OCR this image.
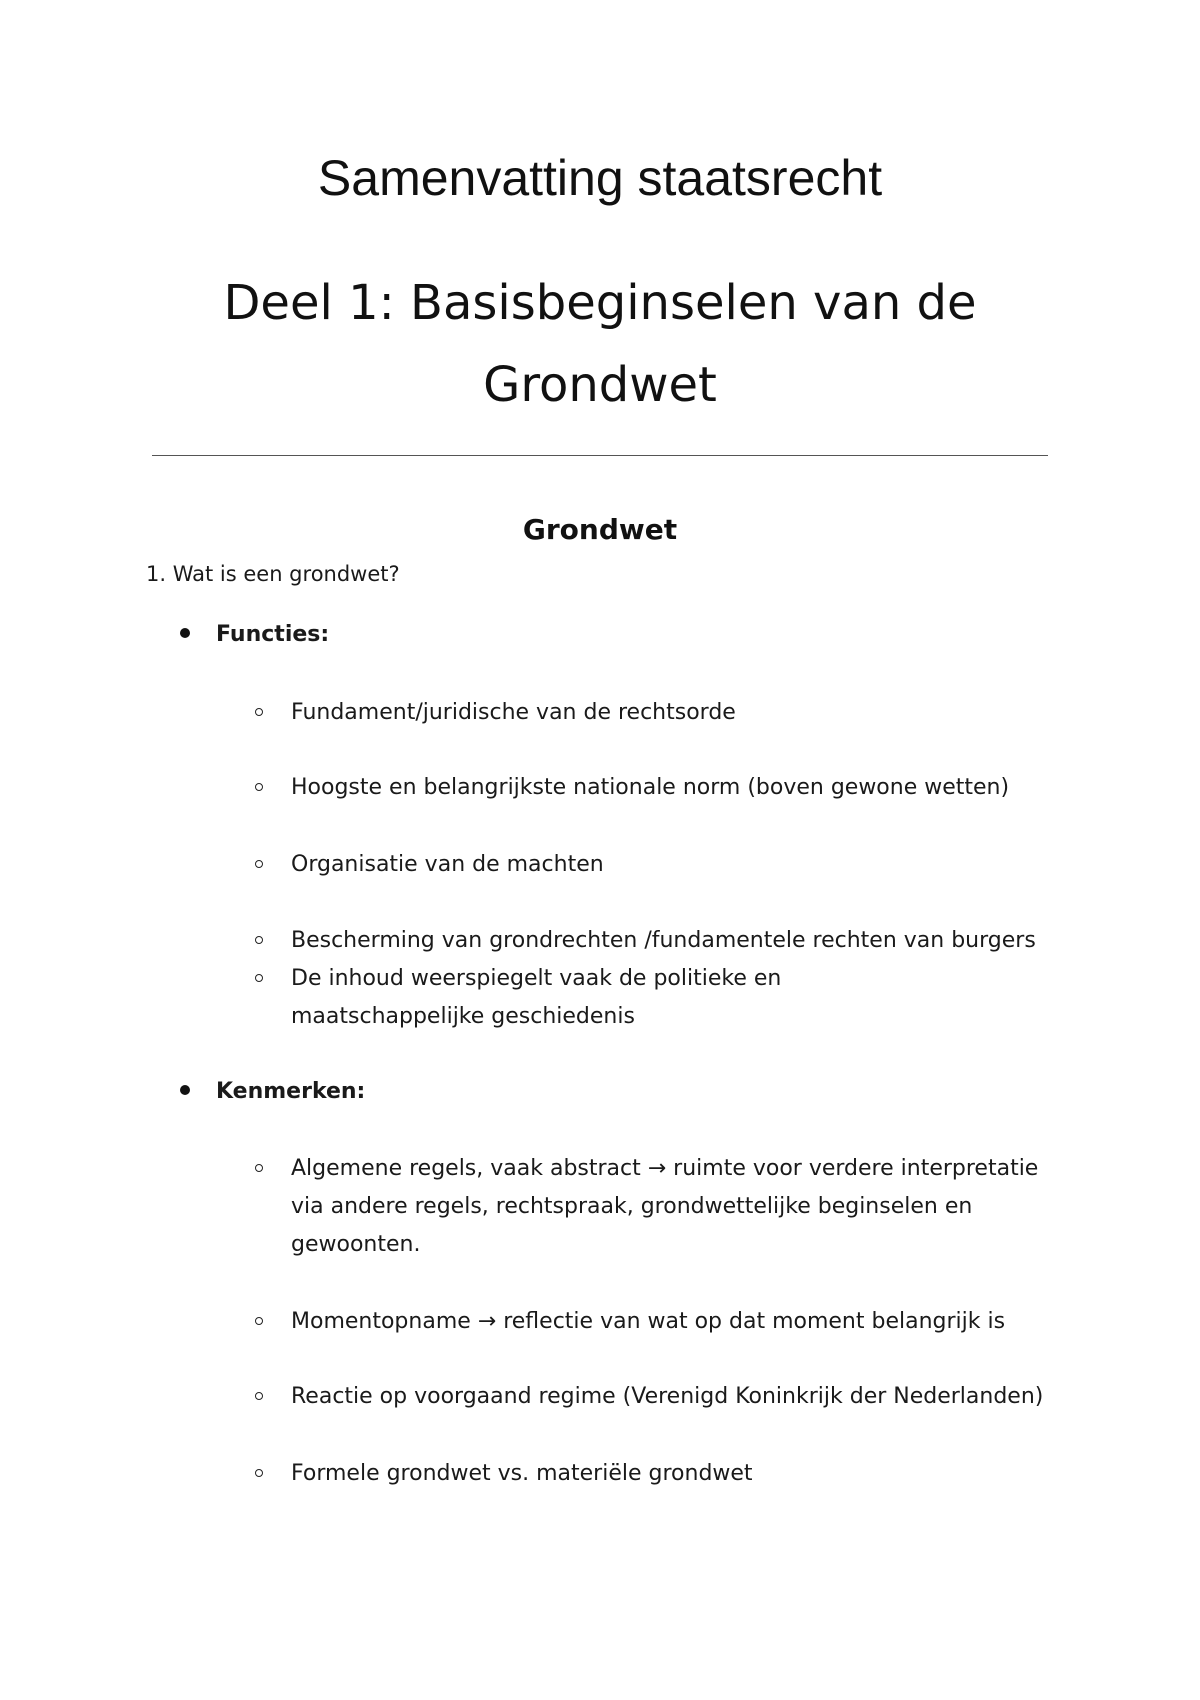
Samenvatting staatsrecht
Deel 1: Basisbeginselen van de
Grondwet
Grondwet
1. Wat is een grondwet?
Functies:
Fundament/juridische van de rechtsorde
Hoogste en belangrijkste nationale norm (boven gewone wetten)
Organisatie van de machten
Bescherming van grondrechten /fundamentele rechten van burgers
De inhoud weerspiegelt vaak de politieke en maatschappelijke geschiedenis
Kenmerken:
Algemene regels, vaak abstract → ruimte voor verdere interpretatie via andere regels, rechtspraak, grondwettelijke beginselen en gewoonten.
Momentopname → reflectie van wat op dat moment belangrijk is
Reactie op voorgaand regime (Verenigd Koninkrijk der Nederlanden)
Formele grondwet vs. materiële grondwet
